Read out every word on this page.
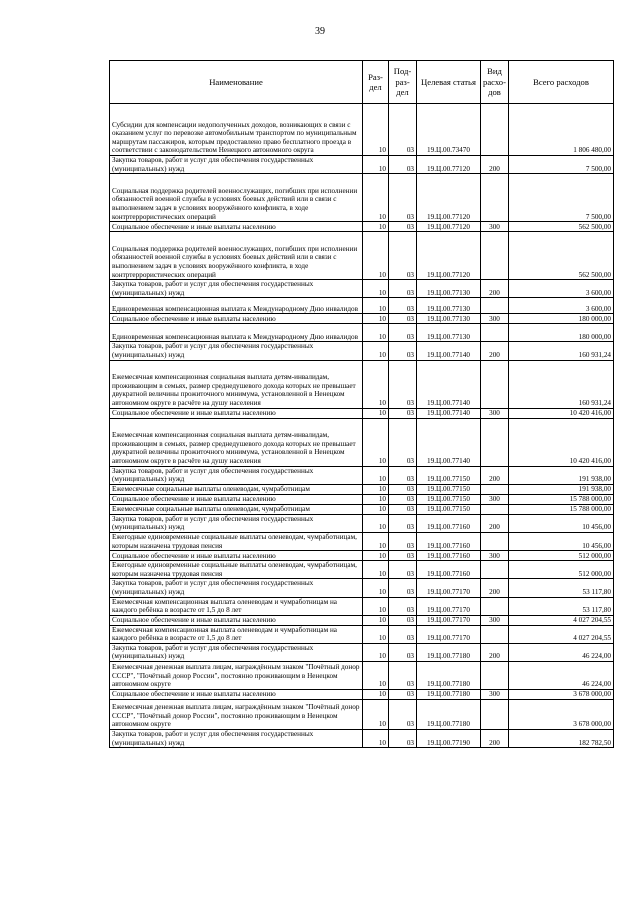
39
Наименование	Раз-дел	Под-раз-дел	Целевая статья	Вид расхо-дов	Всего расходов
Субсидии для компенсации недополученных доходов, возникающих в связи с оказанием услуг по перевозке автомобильным транспортом по муниципальным маршрутам пассажиров, которым предоставлено право бесплатного проезда в соответствии с законодательством Ненецкого автономного округа	10	03	19.Ц.00.73470		1 806 480,00
Закупка товаров, работ и услуг для обеспечения государственных (муниципальных) нужд	10	03	19.Ц.00.77120	200	7 500,00
Социальная поддержка родителей военнослужащих, погибших при исполнении обязанностей военной службы в условиях боевых действий или в связи с выполнением задач в условиях вооружённого конфликта, в ходе контртеррористических операций	10	03	19.Ц.00.77120		7 500,00
Социальное обеспечение и иные выплаты населению	10	03	19.Ц.00.77120	300	562 500,00
Социальная поддержка родителей военнослужащих, погибших при исполнении обязанностей военной службы в условиях боевых действий или в связи с выполнением задач в условиях вооружённого конфликта, в ходе контртеррористических операций	10	03	19.Ц.00.77120		562 500,00
Закупка товаров, работ и услуг для обеспечения государственных (муниципальных) нужд	10	03	19.Ц.00.77130	200	3 600,00
Единовременная компенсационная выплата к Международному Дню инвалидов	10	03	19.Ц.00.77130		3 600,00
Социальное обеспечение и иные выплаты населению	10	03	19.Ц.00.77130	300	180 000,00
Единовременная компенсационная выплата к Международному Дню инвалидов	10	03	19.Ц.00.77130		180 000,00
Закупка товаров, работ и услуг для обеспечения государственных (муниципальных) нужд	10	03	19.Ц.00.77140	200	160 931,24
Ежемесячная компенсационная социальная выплата детям-инвалидам, проживающим в семьях, размер среднедушевого дохода которых не превышает двукратной величины прожиточного минимума, установленной в Ненецком автономном округе в расчёте на душу населения	10	03	19.Ц.00.77140		160 931,24
Социальное обеспечение и иные выплаты населению	10	03	19.Ц.00.77140	300	10 420 416,00
Ежемесячная компенсационная социальная выплата детям-инвалидам, проживающим в семьях, размер среднедушевого дохода которых не превышает двукратной величины прожиточного минимума, установленной в Ненецком автономном округе в расчёте на душу населения	10	03	19.Ц.00.77140		10 420 416,00
Закупка товаров, работ и услуг для обеспечения государственных (муниципальных) нужд	10	03	19.Ц.00.77150	200	191 938,00
Ежемесячные социальные выплаты оленеводам, чумработницам	10	03	19.Ц.00.77150		191 938,00
Социальное обеспечение и иные выплаты населению	10	03	19.Ц.00.77150	300	15 788 000,00
Ежемесячные социальные выплаты оленеводам, чумработницам	10	03	19.Ц.00.77150		15 788 000,00
Закупка товаров, работ и услуг для обеспечения государственных (муниципальных) нужд	10	03	19.Ц.00.77160	200	10 456,00
Ежегодные единовременные социальные выплаты оленеводам, чумработницам, которым назначена трудовая пенсия	10	03	19.Ц.00.77160		10 456,00
Социальное обеспечение и иные выплаты населению	10	03	19.Ц.00.77160	300	512 000,00
Ежегодные единовременные социальные выплаты оленеводам, чумработницам, которым назначена трудовая пенсия	10	03	19.Ц.00.77160		512 000,00
Закупка товаров, работ и услуг для обеспечения государственных (муниципальных) нужд	10	03	19.Ц.00.77170	200	53 117,80
Ежемесячная компенсационная выплата оленеводам и чумработницам на каждого ребёнка в возрасте от 1,5 до 8 лет	10	03	19.Ц.00.77170		53 117,80
Социальное обеспечение и иные выплаты населению	10	03	19.Ц.00.77170	300	4 027 204,55
Ежемесячная компенсационная выплата оленеводам и чумработницам на каждого ребёнка в возрасте от 1,5 до 8 лет	10	03	19.Ц.00.77170		4 027 204,55
Закупка товаров, работ и услуг для обеспечения государственных (муниципальных) нужд	10	03	19.Ц.00.77180	200	46 224,00
Ежемесячная денежная выплата лицам, награждённым знаком "Почётный донор СССР", "Почётный донор России", постоянно проживающим в Ненецком автономном округе	10	03	19.Ц.00.77180		46 224,00
Социальное обеспечение и иные выплаты населению	10	03	19.Ц.00.77180	300	3 678 000,00
Ежемесячная денежная выплата лицам, награждённым знаком "Почётный донор СССР", "Почётный донор России", постоянно проживающим в Ненецком автономном округе	10	03	19.Ц.00.77180		3 678 000,00
Закупка товаров, работ и услуг для обеспечения государственных (муниципальных) нужд	10	03	19.Ц.00.77190	200	182 782,50
